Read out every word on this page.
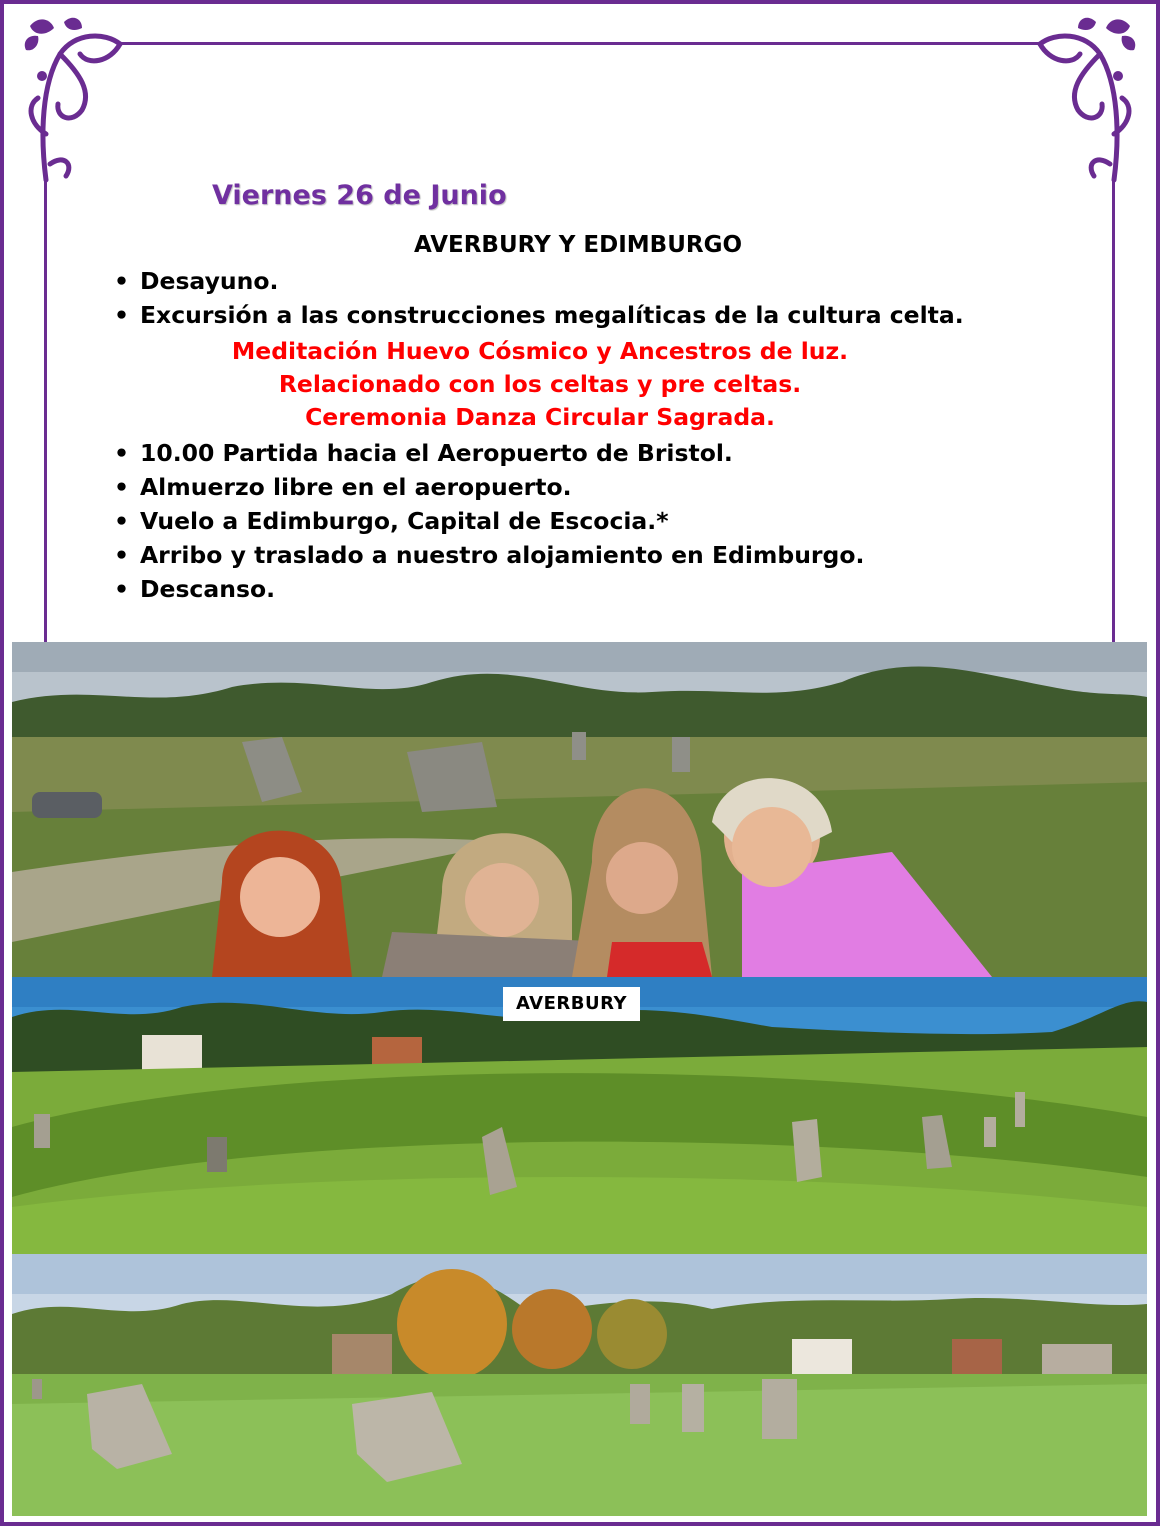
Viernes 26 de Junio
AVERBURY Y EDIMBURGO

• Desayuno.

• Excursión a las construcciones megalíticas de la cultura celta.

Meditación Huevo Cósmico y Ancestros de luz.

Relacionado con los celtas y pre celtas.

Ceremonia Danza Circular Sagrada.

• 10.00 Partida hacia el Aeropuerto de Bristol.

• Almuerzo libre en el aeropuerto.

• Vuelo a Edimburgo, Capital de Escocia.*

• Arribo y traslado a nuestro alojamiento en Edimburgo.

• Descanso.

AVERBURY
